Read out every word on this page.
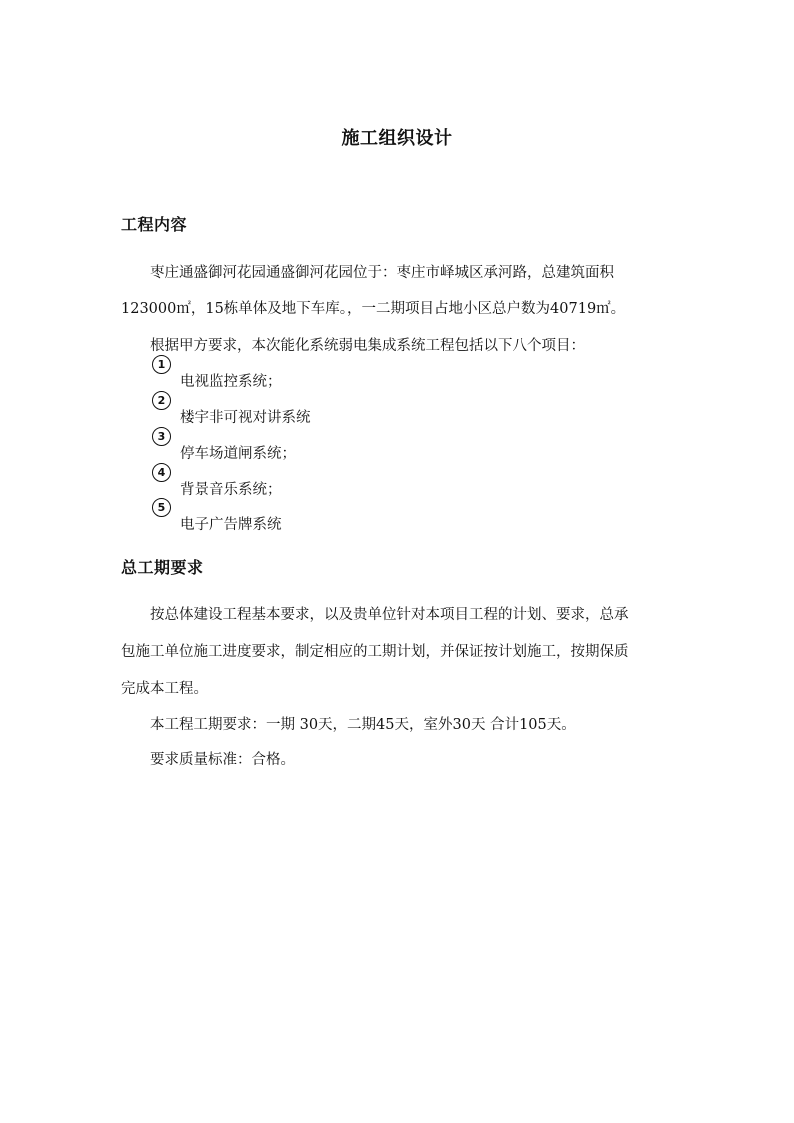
施工组织设计
工程内容
枣庄通盛御河花园通盛御河花园位于：枣庄市峄城区承河路，总建筑面积
123000㎡，15栋单体及地下车库。，一二期项目占地小区总户数为40719㎡。
根据甲方要求，本次能化系统弱电集成系统工程包括以下八个项目：
1
电视监控系统；
2
楼宇非可视对讲系统
3
停车场道闸系统；
4
背景音乐系统；
5
电子广告牌系统
总工期要求
按总体建设工程基本要求，以及贵单位针对本项目工程的计划、要求，总承
包施工单位施工进度要求，制定相应的工期计划，并保证按计划施工，按期保质
完成本工程。
本工程工期要求：一期 30天，二期45天，室外30天 合计105天。
要求质量标准：合格。
